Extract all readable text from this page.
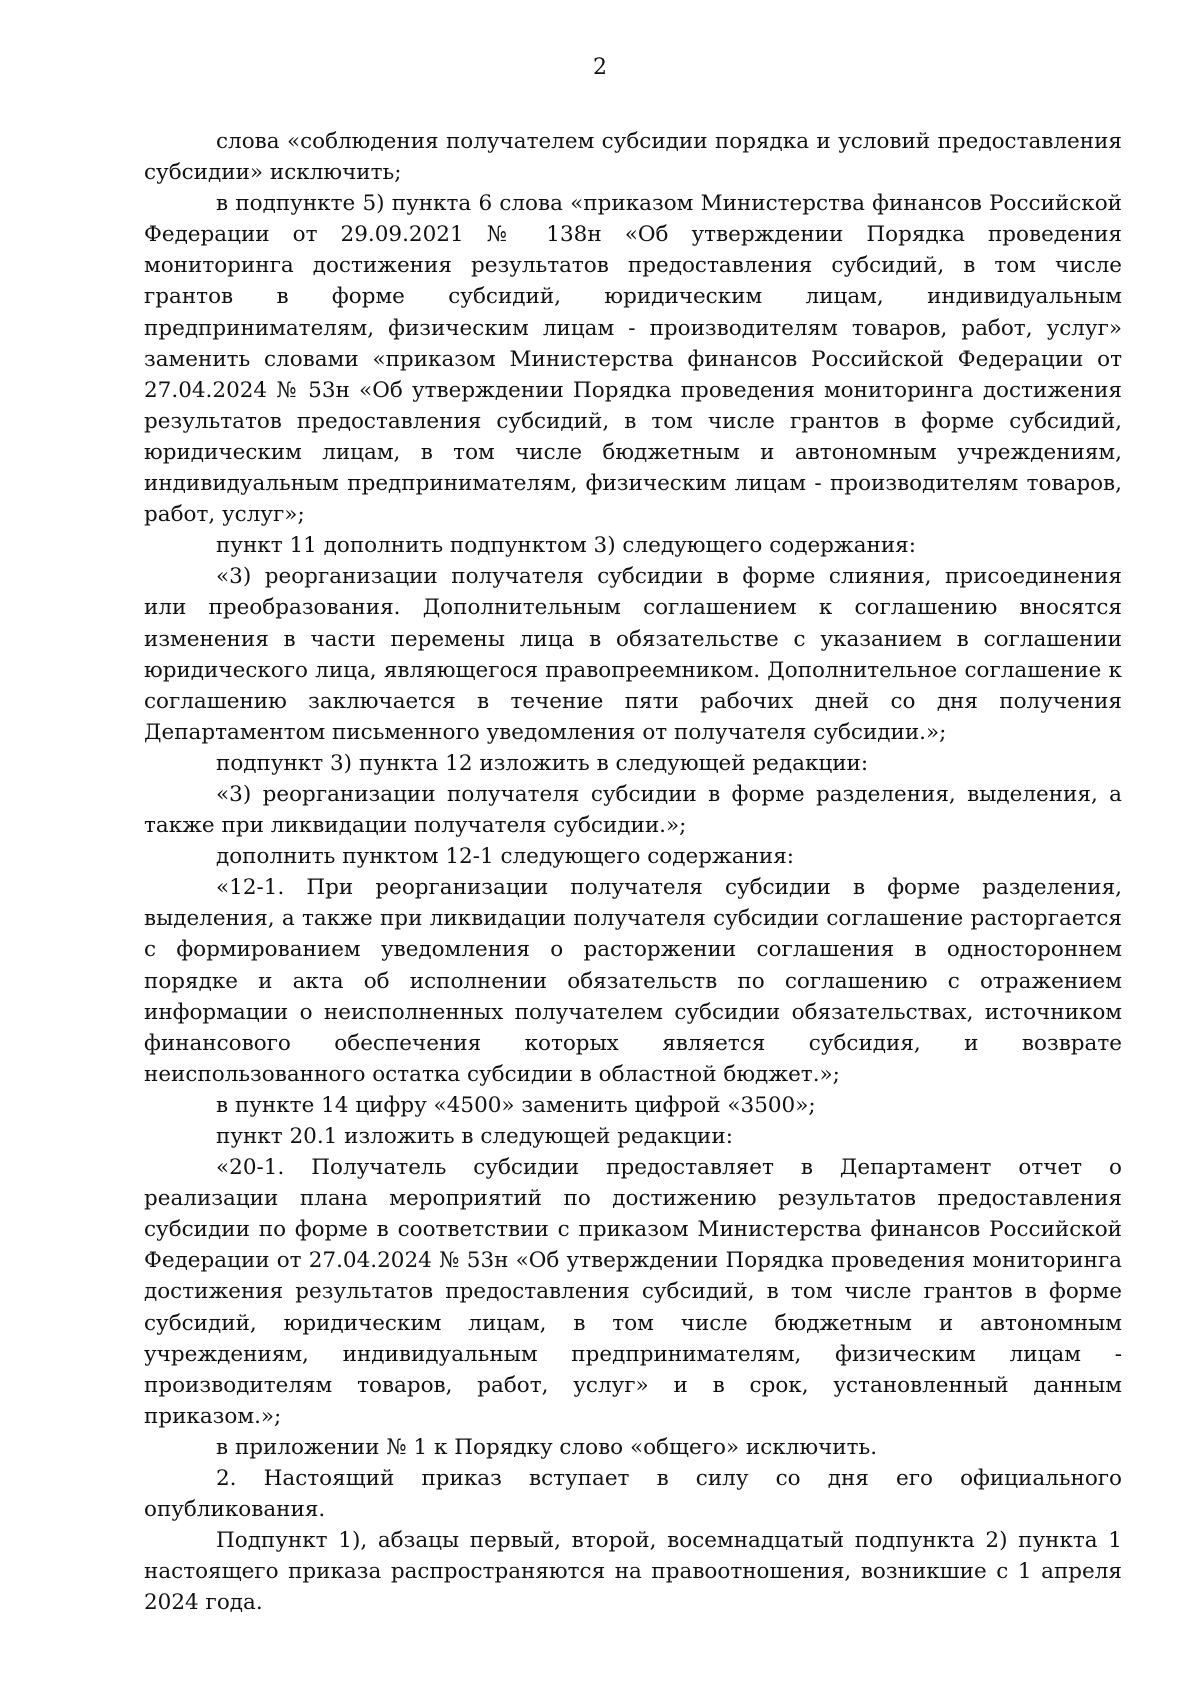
2

слова «соблюдения получателем субсидии порядка и условий предоставления субсидии» исключить;

в подпункте 5) пункта 6 слова «приказом Министерства финансов Российской Федерации от 29.09.2021 № 138н «Об утверждении Порядка проведения мониторинга достижения результатов предоставления субсидий, в том числе грантов в форме субсидий, юридическим лицам, индивидуальным предпринимателям, физическим лицам - производителям товаров, работ, услуг» заменить словами «приказом Министерства финансов Российской Федерации от 27.04.2024 № 53н «Об утверждении Порядка проведения мониторинга достижения результатов предоставления субсидий, в том числе грантов в форме субсидий, юридическим лицам, в том числе бюджетным и автономным учреждениям, индивидуальным предпринимателям, физическим лицам - производителям товаров, работ, услуг»;

пункт 11 дополнить подпунктом 3) следующего содержания:

«3) реорганизации получателя субсидии в форме слияния, присоединения или преобразования. Дополнительным соглашением к соглашению вносятся изменения в части перемены лица в обязательстве с указанием в соглашении юридического лица, являющегося правопреемником. Дополнительное соглашение к соглашению заключается в течение пяти рабочих дней со дня получения Департаментом письменного уведомления от получателя субсидии.»;

подпункт 3) пункта 12 изложить в следующей редакции:

«3) реорганизации получателя субсидии в форме разделения, выделения, а также при ликвидации получателя субсидии.»;

дополнить пунктом 12-1 следующего содержания:

«12-1. При реорганизации получателя субсидии в форме разделения, выделения, а также при ликвидации получателя субсидии соглашение расторгается с формированием уведомления о расторжении соглашения в одностороннем порядке и акта об исполнении обязательств по соглашению с отражением информации о неисполненных получателем субсидии обязательствах, источником финансового обеспечения которых является субсидия, и возврате неиспользованного остатка субсидии в областной бюджет.»;

в пункте 14 цифру «4500» заменить цифрой «3500»;

пункт 20.1 изложить в следующей редакции:

«20-1. Получатель субсидии предоставляет в Департамент отчет о реализации плана мероприятий по достижению результатов предоставления субсидии по форме в соответствии с приказом Министерства финансов Российской Федерации от 27.04.2024 № 53н «Об утверждении Порядка проведения мониторинга достижения результатов предоставления субсидий, в том числе грантов в форме субсидий, юридическим лицам, в том числе бюджетным и автономным учреждениям, индивидуальным предпринимателям, физическим лицам - производителям товаров, работ, услуг» и в срок, установленный данным приказом.»;

в приложении № 1 к Порядку слово «общего» исключить.

2. Настоящий приказ вступает в силу со дня его официального опубликования.

Подпункт 1), абзацы первый, второй, восемнадцатый подпункта 2) пункта 1 настоящего приказа распространяются на правоотношения, возникшие с 1 апреля 2024 года.
